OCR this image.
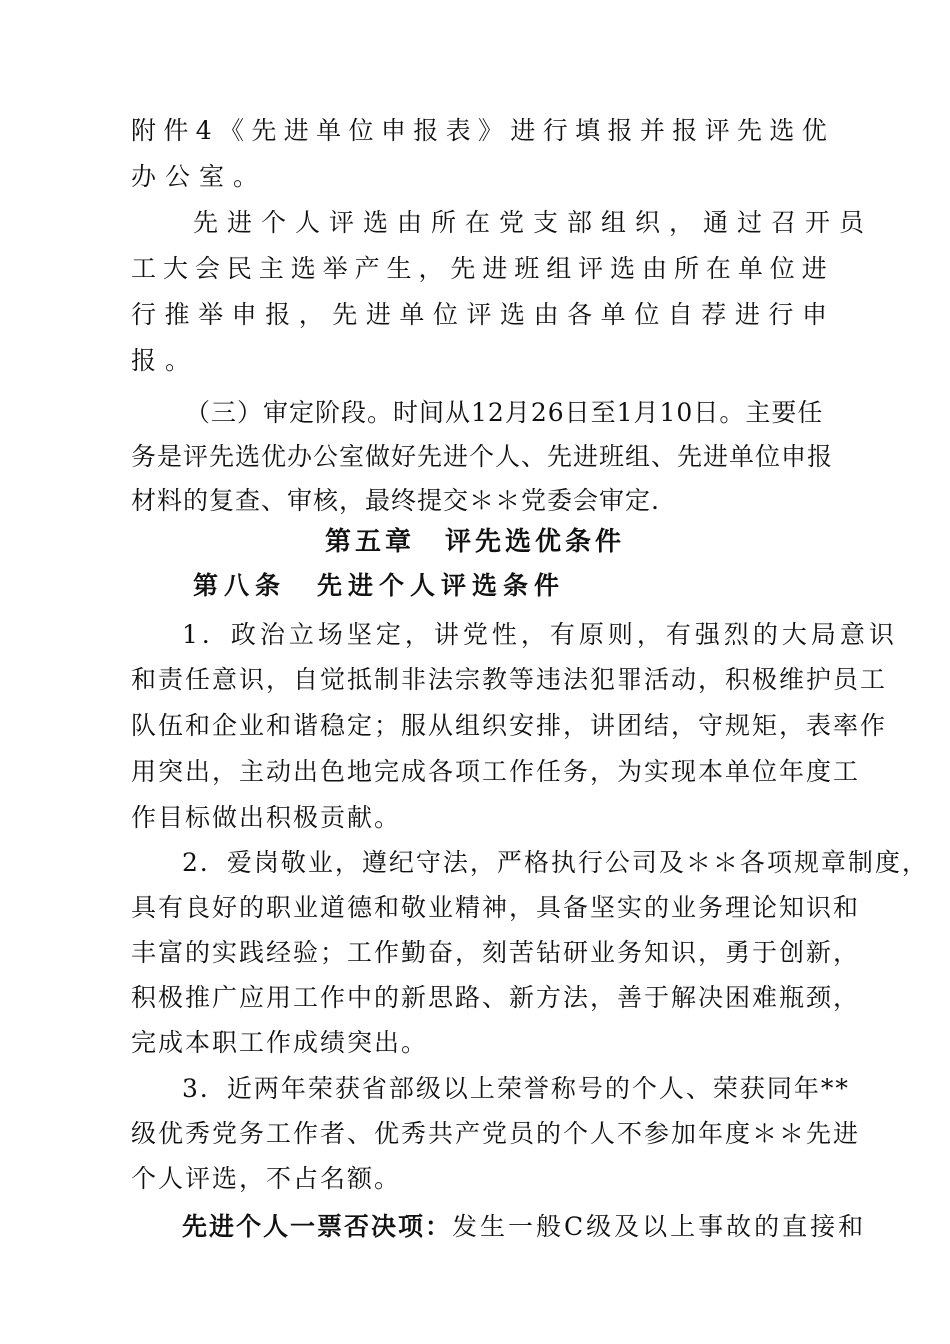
附 件 4 《 先 进 单 位 申 报 表 》 进 行 填 报 并 报 评 先 选 优
办公室。
先进个人评选由所在党支部组织，通过召开员
工 大 会 民 主 选 举 产 生 ， 先 进 班 组 评 选 由 所 在 单 位 进
行 推 举 申 报 ， 先 进 单 位 评 选 由 各 单 位 自 荐 进 行 申
报。
（三）审定阶段。时间从12月26日至1月10日。主要任
务是评先选优办公室做好先进个人、先进班组、先进单位申报
材料的复查、审核，最终提交＊＊党委会审定.
第五章　评先选优条件
第八条　先进个人评选条件
1．政治立场坚定，讲党性，有原则，有强烈的大局意识
和责任意识，自觉抵制非法宗教等违法犯罪活动，积极维护员工
队伍和企业和谐稳定；服从组织安排，讲团结，守规矩，表率作
用突出，主动出色地完成各项工作任务，为实现本单位年度工
作目标做出积极贡献。
2．爱岗敬业，遵纪守法，严格执行公司及＊＊各项规章制度，
具有良好的职业道德和敬业精神，具备坚实的业务理论知识和
丰富的实践经验；工作勤奋，刻苦钻研业务知识，勇于创新，
积极推广应用工作中的新思路、新方法，善于解决困难瓶颈，
完成本职工作成绩突出。
3．近两年荣获省部级以上荣誉称号的个人、荣获同年**
级优秀党务工作者、优秀共产党员的个人不参加年度＊＊先进
个人评选，不占名额。
先进个人一票否决项：发生一般C级及以上事故的直接和
